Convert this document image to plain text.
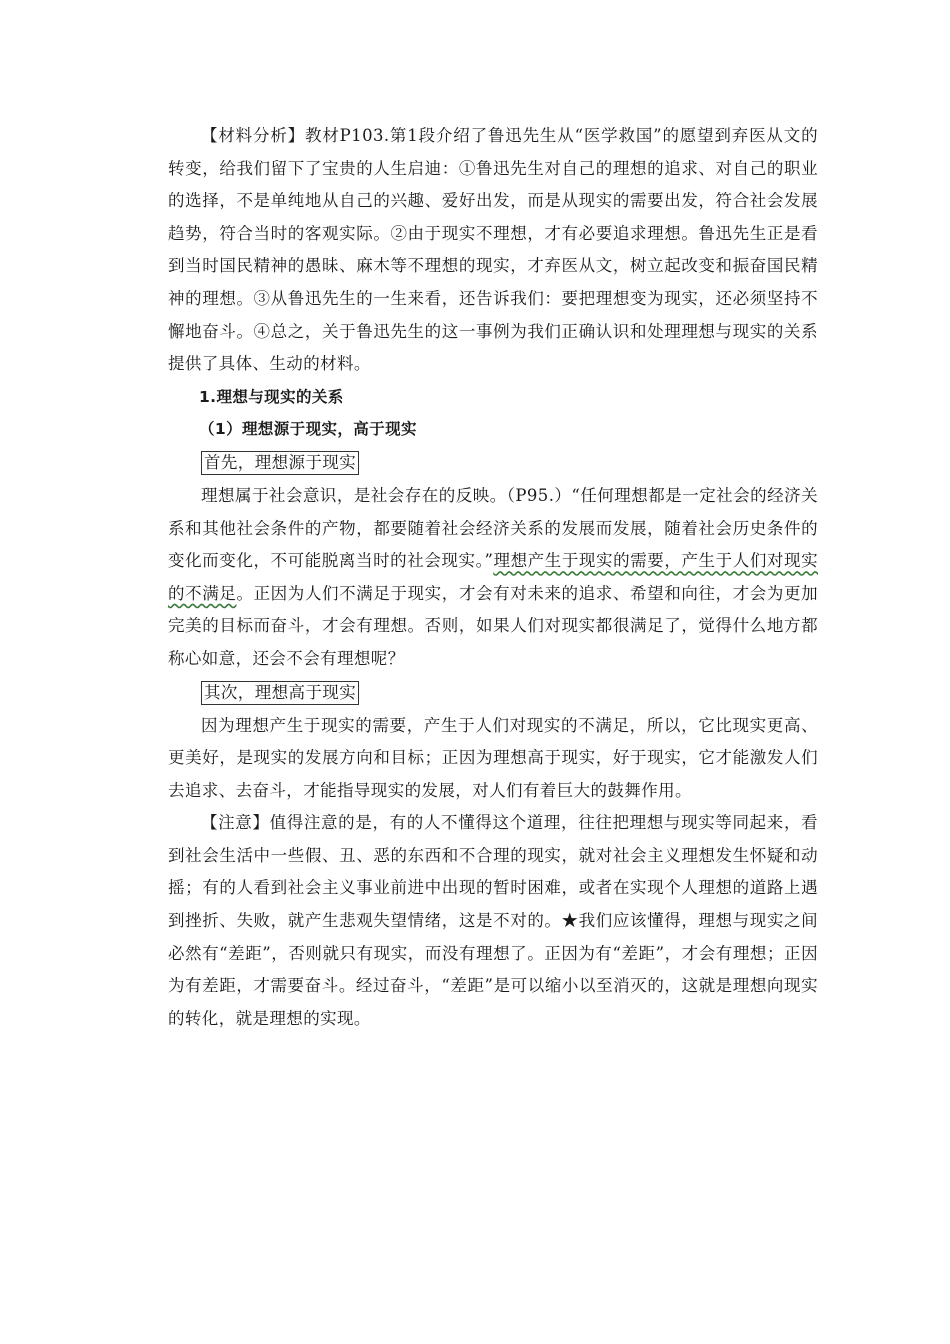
【材料分析】教材P103.第1段介绍了鲁迅先生从“医学救国”的愿望到弃医从文的转变，给我们留下了宝贵的人生启迪：①鲁迅先生对自己的理想的追求、对自己的职业的选择，不是单纯地从自己的兴趣、爱好出发，而是从现实的需要出发，符合社会发展趋势，符合当时的客观实际。②由于现实不理想，才有必要追求理想。鲁迅先生正是看到当时国民精神的愚昧、麻木等不理想的现实，才弃医从文，树立起改变和振奋国民精神的理想。③从鲁迅先生的一生来看，还告诉我们：要把理想变为现实，还必须坚持不懈地奋斗。④总之，关于鲁迅先生的这一事例为我们正确认识和处理理想与现实的关系提供了具体、生动的材料。

1.理想与现实的关系

（1）理想源于现实，高于现实

首先，理想源于现实

理想属于社会意识，是社会存在的反映。（P95.）“任何理想都是一定社会的经济关系和其他社会条件的产物，都要随着社会经济关系的发展而发展，随着社会历史条件的变化而变化，不可能脱离当时的社会现实。”理想产生于现实的需要，产生于人们对现实的不满足。正因为人们不满足于现实，才会有对未来的追求、希望和向往，才会为更加完美的目标而奋斗，才会有理想。否则，如果人们对现实都很满足了，觉得什么地方都称心如意，还会不会有理想呢？

其次，理想高于现实

因为理想产生于现实的需要，产生于人们对现实的不满足，所以，它比现实更高、更美好，是现实的发展方向和目标；正因为理想高于现实，好于现实，它才能激发人们去追求、去奋斗，才能指导现实的发展，对人们有着巨大的鼓舞作用。

【注意】值得注意的是，有的人不懂得这个道理，往往把理想与现实等同起来，看到社会生活中一些假、丑、恶的东西和不合理的现实，就对社会主义理想发生怀疑和动摇；有的人看到社会主义事业前进中出现的暂时困难，或者在实现个人理想的道路上遇到挫折、失败，就产生悲观失望情绪，这是不对的。★我们应该懂得，理想与现实之间必然有“差距”，否则就只有现实，而没有理想了。正因为有“差距”，才会有理想；正因为有差距，才需要奋斗。经过奋斗，“差距”是可以缩小以至消灭的，这就是理想向现实的转化，就是理想的实现。
